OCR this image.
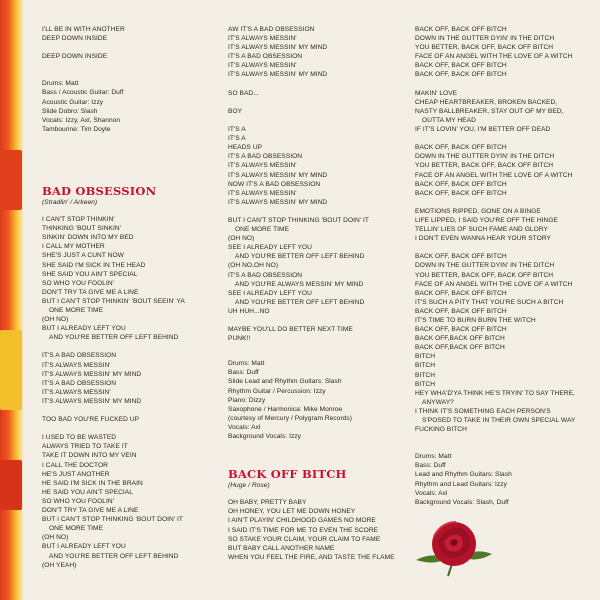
I'LL BE IN WITH ANOTHER
DEEP DOWN INSIDE
DEEP DOWN INSIDE
Drums: Matt
Bass / Acoustic Guitar: Duff
Acoustic Guitar: Izzy
Slide Dobro: Slash
Vocals: Izzy, Axl, Shannon
Tambourine: Tim Doyle
BAD OBSESSION
(Stradlin' / Arkeen)
I CAN'T STOP THINKIN'
THINKING 'BOUT SINKIN'
SINKIN' DOWN INTO MY BED
I CALL MY MOTHER
SHE'S JUST A CUNT NOW
SHE SAID I'M SICK IN THE HEAD
SHE SAID YOU AIN'T SPECIAL
SO WHO YOU FOOLIN'
DON'T TRY TA GIVE ME A LINE
BUT I CAN'T STOP THINKIN' 'BOUT SEEIN' YA
ONE MORE TIME
(OH NO)
BUT I ALREADY LEFT YOU
AND YOU'RE BETTER OFF LEFT BEHIND
IT'S A BAD OBSESSION
IT'S ALWAYS MESSIN'
IT'S ALWAYS MESSIN' MY MIND
IT'S A BAD OBSESSION
IT'S ALWAYS MESSIN'
IT'S ALWAYS MESSIN' MY MIND
TOO BAD YOU'RE FUCKED UP
I USED TO BE WASTED
ALWAYS TRIED TO TAKE IT
TAKE IT DOWN INTO MY VEIN
I CALL THE DOCTOR
HE'S JUST ANOTHER
HE SAID I'M SICK IN THE BRAIN
HE SAID YOU AIN'T SPECIAL
SO WHO YOU FOOLIN'
DON'T TRY TA GIVE ME A LINE
BUT I CAN'T STOP THINKING 'BOUT DOIN' IT
ONE MORE TIME
(OH NO)
BUT I ALREADY LEFT YOU
AND YOU'RE BETTER OFF LEFT BEHIND
(OH YEAH)
AW IT'S A BAD OBSESSION
IT'S ALWAYS MESSIN'
IT'S ALWAYS MESSIN' MY MIND
IT'S A BAD OBSESSION
IT'S ALWAYS MESSIN'
IT'S ALWAYS MESSIN' MY MIND
SO BAD...
BOY
IT'S A
IT'S A
HEADS UP
IT'S A BAD OBSESSION
IT'S ALWAYS MESSIN'
IT'S ALWAYS MESSIN' MY MIND
NOW IT'S A BAD OBSESSION
IT'S ALWAYS MESSIN'
IT'S ALWAYS MESSIN' MY MIND
BUT I CAN'T STOP THINKING 'BOUT DOIN' IT
ONE MORE TIME
(OH NO)
SEE I ALREADY LEFT YOU
AND YOU'RE BETTER OFF LEFT BEHIND
(OH NO,OH NO)
IT'S A BAD OBSESSION
AND YOU'RE ALWAYS MESSIN' MY MIND
SEE I ALREADY LEFT YOU
AND YOU'RE BETTER OFF LEFT BEHIND
UH HUH...NO
MAYBE YOU'LL DO BETTER NEXT TIME
PUNK!!
Drums: Matt
Bass: Duff
Slide Lead and Rhythm Guitars: Slash
Rhythm Guitar / Percussion: Izzy
Piano: Dizzy
Saxophone / Harmonica: Mike Monroe
(courtesy of Mercury / Polygram Records)
Vocals: Axl
Background Vocals: Izzy
BACK OFF BITCH
(Huge / Rose)
OH BABY, PRETTY BABY
OH HONEY, YOU LET ME DOWN HONEY
I AIN'T PLAYIN' CHILDHOOD GAMES NO MORE
I SAID IT'S TIME FOR ME TO EVEN THE SCORE
SO STAKE YOUR CLAIM, YOUR CLAIM TO FAME
BUT BABY CALL ANOTHER NAME
WHEN YOU FEEL THE FIRE, AND TASTE THE FLAME
BACK OFF, BACK OFF BITCH
DOWN IN THE GUTTER DYIN' IN THE DITCH
YOU BETTER, BACK OFF, BACK OFF BITCH
FACE OF AN ANGEL WITH THE LOVE OF A WITCH
BACK OFF, BACK OFF BITCH
BACK OFF, BACK OFF BITCH
MAKIN' LOVE
CHEAP HEARTBREAKER, BROKEN BACKED,
NASTY BALLBREAKER, STAY OUT OF MY BED,
OUTTA MY HEAD
IF IT'S LOVIN' YOU, I'M BETTER OFF DEAD
BACK OFF, BACK OFF BITCH
DOWN IN THE GUTTER DYIN' IN THE DITCH
YOU BETTER, BACK OFF, BACK OFF BITCH
FACE OF AN ANGEL WITH THE LOVE OF A WITCH
BACK OFF, BACK OFF BITCH
BACK OFF, BACK OFF BITCH
EMOTIONS RIPPED, GONE ON A BINGE
LIFE LIPPED, I SAID YOU'RE OFF THE HINGE
TELLIN' LIES OF SUCH FAME AND GLORY
I DON'T EVEN WANNA HEAR YOUR STORY
BACK OFF, BACK OFF BITCH
DOWN IN THE GUTTER DYIN' IN THE DITCH
YOU BETTER, BACK OFF, BACK OFF BITCH
FACE OF AN ANGEL WITH THE LOVE OF A WITCH
BACK OFF, BACK OFF BITCH
IT'S SUCH A PITY THAT YOU'RE SUCH A BITCH
BACK OFF, BACK OFF BITCH
IT'S TIME TO BURN BURN THE WITCH
BACK OFF, BACK OFF BITCH
BACK OFF,BACK OFF BITCH
BACK OFF,BACK OFF BITCH
BITCH
BITCH
BITCH
BITCH
HEY WHA'D'YA THINK HE'S TRYIN' TO SAY THERE,
ANYWAY?
I THINK IT'S SOMETHING EACH PERSON'S
S'POSED TO TAKE IN THEIR OWN SPECIAL WAY
FUCKING BITCH
Drums: Matt
Bass: Duff
Lead and Rhythm Guitars: Slash
Rhythm and Lead Guitars: Izzy
Vocals: Axl
Background Vocals: Slash, Duff
